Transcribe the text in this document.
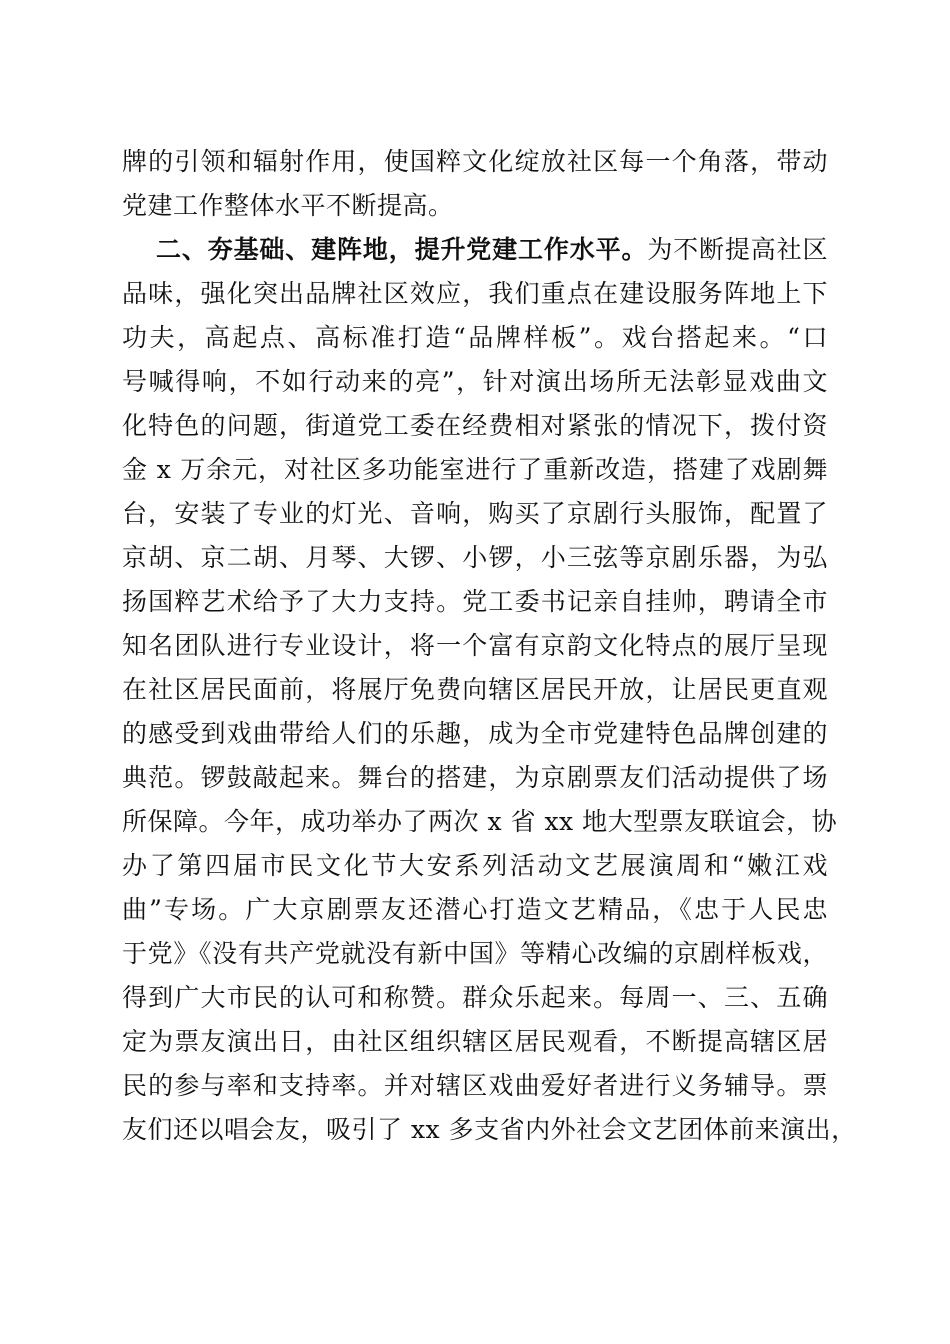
牌的引领和辐射作用，使国粹文化绽放社区每一个角落，带动
党建工作整体水平不断提高。
二、夯基础、建阵地，提升党建工作水平。为不断提高社区
品味，强化突出品牌社区效应，我们重点在建设服务阵地上下
功夫，高起点、高标准打造“品牌样板”。戏台搭起来。“口
号喊得响，不如行动来的亮”，针对演出场所无法彰显戏曲文
化特色的问题，街道党工委在经费相对紧张的情况下，拨付资
金 x 万余元，对社区多功能室进行了重新改造，搭建了戏剧舞
台，安装了专业的灯光、音响，购买了京剧行头服饰，配置了
京胡、京二胡、月琴、大锣、小锣，小三弦等京剧乐器，为弘
扬国粹艺术给予了大力支持。党工委书记亲自挂帅，聘请全市
知名团队进行专业设计，将一个富有京韵文化特点的展厅呈现
在社区居民面前，将展厅免费向辖区居民开放，让居民更直观
的感受到戏曲带给人们的乐趣，成为全市党建特色品牌创建的
典范。锣鼓敲起来。舞台的搭建，为京剧票友们活动提供了场
所保障。今年，成功举办了两次 x 省 xx 地大型票友联谊会，协
办了第四届市民文化节大安系列活动文艺展演周和“嫩江戏
曲”专场。广大京剧票友还潜心打造文艺精品，《忠于人民忠
于党》《没有共产党就没有新中国》等精心改编的京剧样板戏，
得到广大市民的认可和称赞。群众乐起来。每周一、三、五确
定为票友演出日，由社区组织辖区居民观看，不断提高辖区居
民的参与率和支持率。并对辖区戏曲爱好者进行义务辅导。票
友们还以唱会友，吸引了 xx 多支省内外社会文艺团体前来演出，
